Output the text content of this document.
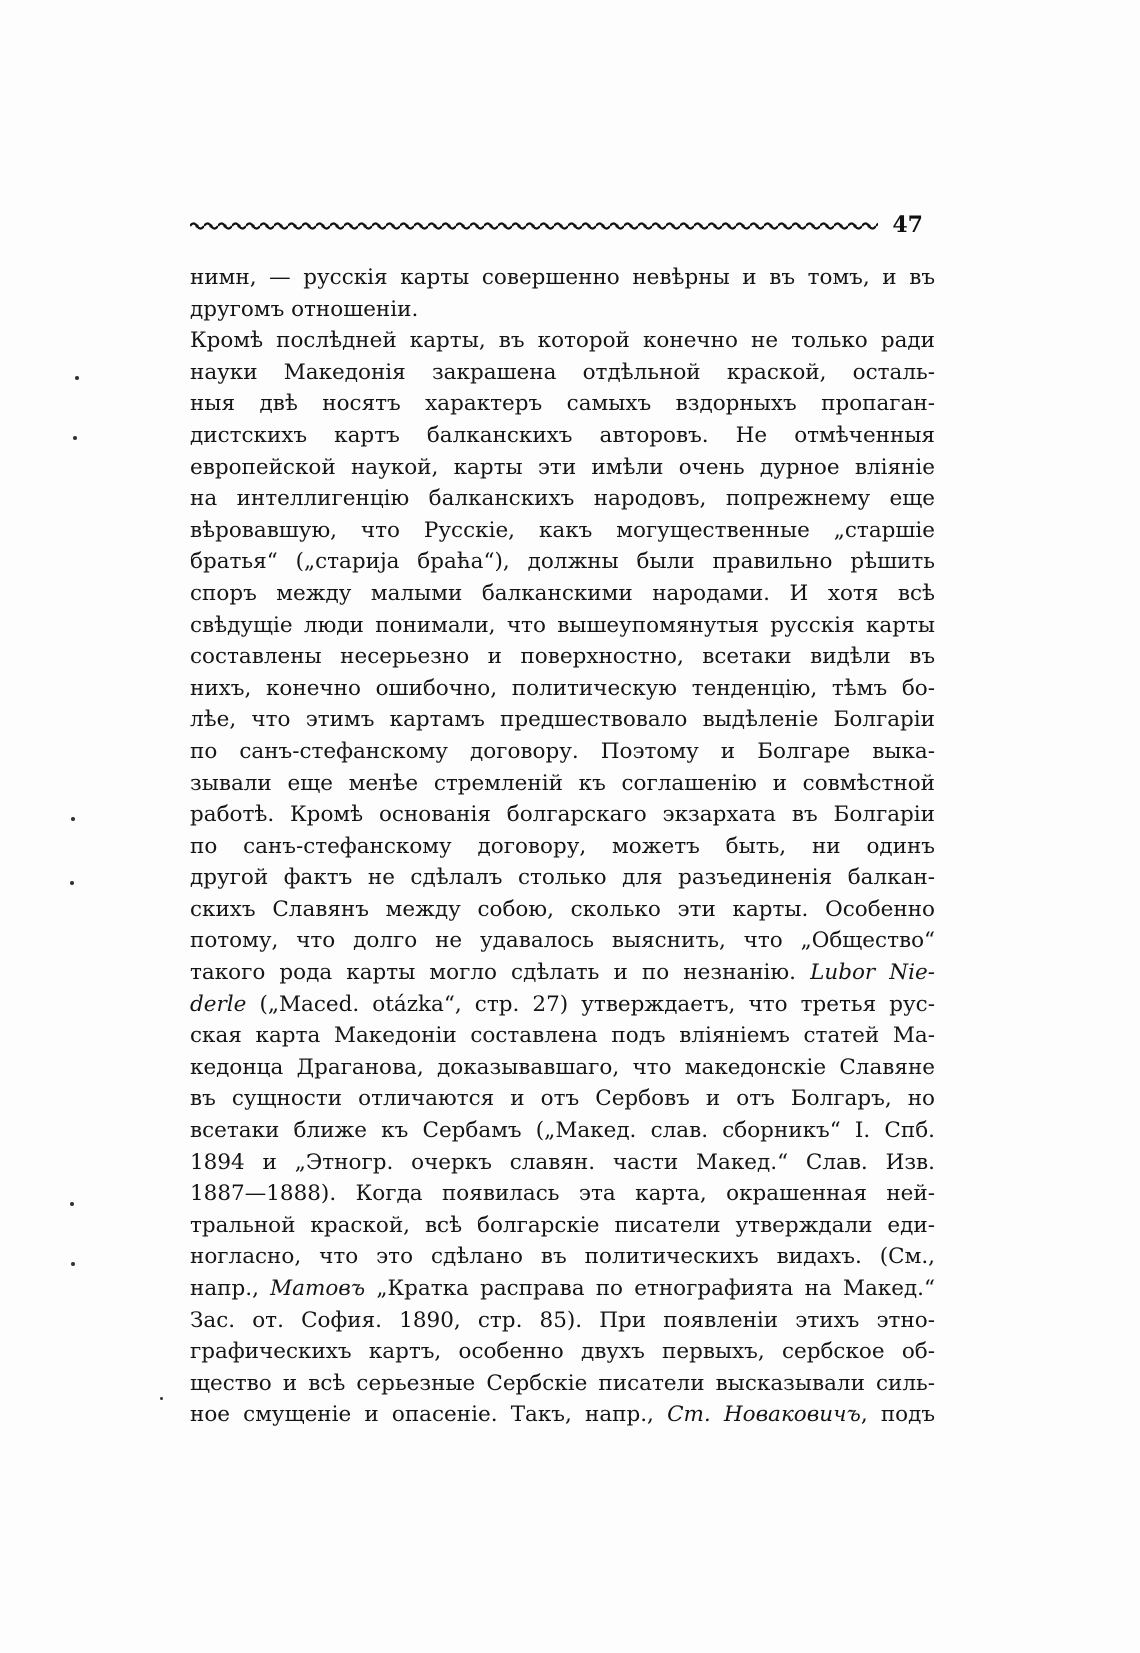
47
нимн, — русскія карты совершенно невѣрны и въ томъ, и въ
другомъ отношеніи.
Кромѣ послѣдней карты, въ которой конечно не только ради
науки Македонія закрашена отдѣльной краской, осталь-
ныя двѣ носятъ характеръ самыхъ вздорныхъ пропаган-
дистскихъ картъ балканскихъ авторовъ. Не отмѣченныя
европейской наукой, карты эти имѣли очень дурное вліяніе
на интеллигенцію балканскихъ народовъ, попрежнему еще
вѣровавшую, что Русскіе, какъ могущественные „старшіе
братья“ („старија браћа“), должны были правильно рѣшить
споръ между малыми балканскими народами. И хотя всѣ
свѣдущіе люди понимали, что вышеупомянутыя русскія карты
составлены несерьезно и поверхностно, всетаки видѣли въ
нихъ, конечно ошибочно, политическую тенденцію, тѣмъ бо-
лѣе, что этимъ картамъ предшествовало выдѣленіе Болгаріи
по санъ-стефанскому договору. Поэтому и Болгаре выка-
зывали еще менѣе стремленій къ соглашенію и совмѣстной
работѣ. Кромѣ основанія болгарскаго экзархата въ Болгаріи
по санъ-стефанскому договору, можетъ быть, ни одинъ
другой фактъ не сдѣлалъ столько для разъединенія балкан-
скихъ Славянъ между собою, сколько эти карты. Особенно
потому, что долго не удавалось выяснить, что „Общество“
такого рода карты могло сдѣлать и по незнанію. Lubor Nie-
derle („Maced. otázka“, стр. 27) утверждаетъ, что третья рус-
ская карта Македоніи составлена подъ вліяніемъ статей Ма-
кедонца Драганова, доказывавшаго, что македонскіе Славяне
въ сущности отличаются и отъ Сербовъ и отъ Болгаръ, но
всетаки ближе къ Сербамъ („Макед. слав. сборникъ“ I. Спб.
1894 и „Этногр. очеркъ славян. части Макед.“ Слав. Изв.
1887—1888). Когда появилась эта карта, окрашенная ней-
тральной краской, всѣ болгарскіе писатели утверждали еди-
ногласно, что это сдѣлано въ политическихъ видахъ. (См.,
напр., Матовъ „Кратка расправа по етнографията на Макед.“
Зас. от. София. 1890, стр. 85). При появленіи этихъ этно-
графическихъ картъ, особенно двухъ первыхъ, сербское об-
щество и всѣ серьезные Сербскіе писатели высказывали силь-
ное смущеніе и опасеніе. Такъ, напр., Ст. Новаковичъ, подъ
